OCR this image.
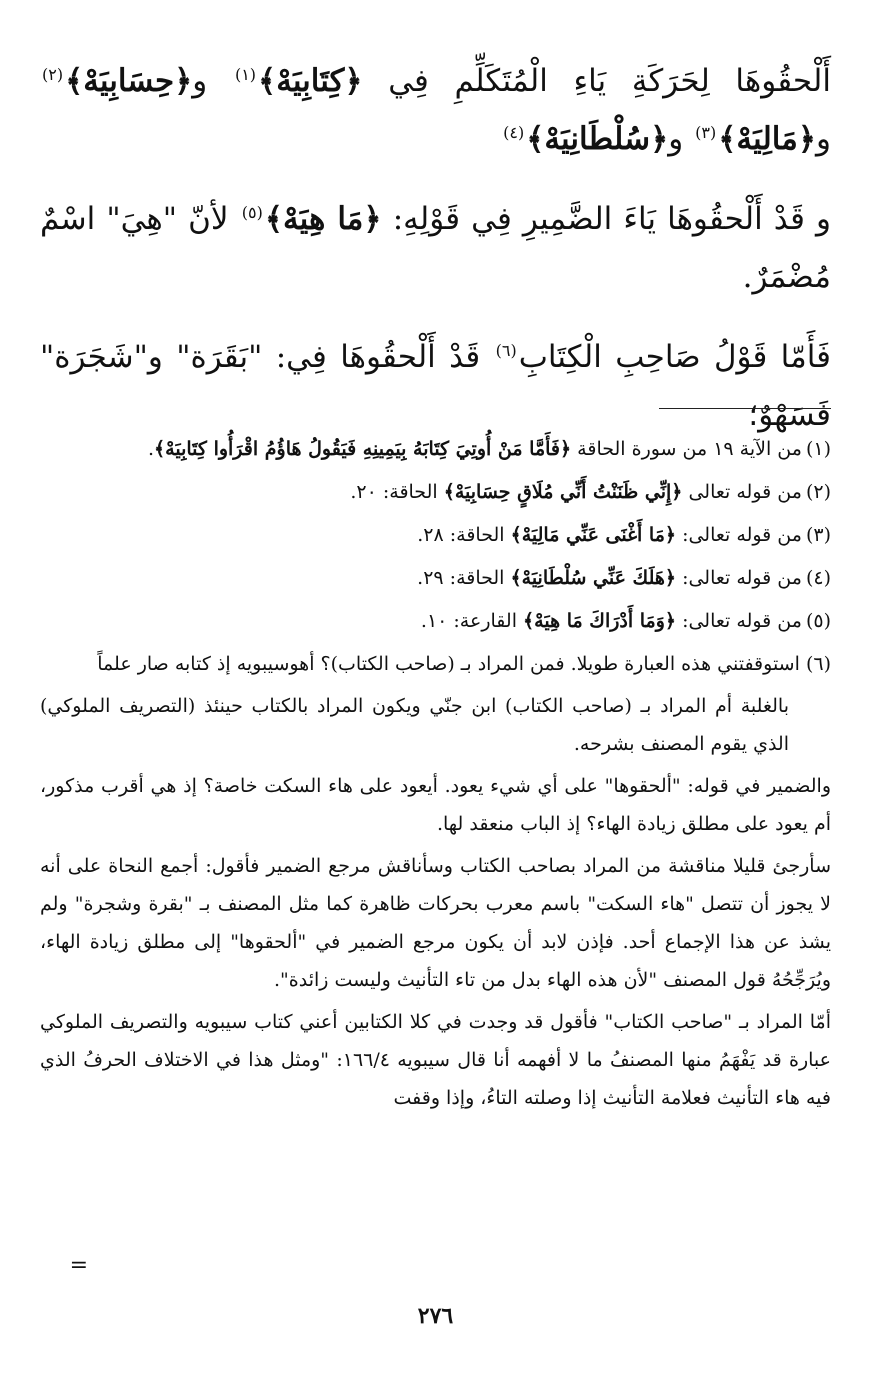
أَلْحقُوهَا لِحَرَكَةِ يَاءِ الْمُتَكَلِّمِ فِي ﴿كِتَابِيَهْ﴾$^{(١)}$ و﴿حِسَابِيَهْ﴾$^{(٢)}$ و﴿مَالِيَهْ﴾$^{(٣)}$ و﴿سُلْطَانِيَهْ﴾$^{(٤)}$

و قَدْ أَلْحقُوهَا يَاءَ الضَّمِيرِ فِي قَوْلِهِ: ﴿مَا هِيَهْ﴾$^{(٥)}$ لأنّ "هِيَ" اسْمٌ مُضْمَرٌ.

فَأَمّا قَوْلُ صَاحِبِ الْكِتَابِ$^{(٦)}$ قَدْ أَلْحقُوهَا فِي: "بَقَرَة" و"شَجَرَة" فَسَهْوٌ؛

(١)من الآية ١٩ من سورة الحاقة ﴿فَأَمَّا مَنْ أُوتِيَ كِتَابَهُ بِيَمِينِهِ فَيَقُولُ هَاؤُمُ اقْرَأُوا كِتَابِيَهْ﴾.

(٢)من قوله تعالى ﴿إِنِّي ظَنَنْتُ أَنِّي مُلَاقٍ حِسَابِيَهْ﴾ الحاقة: ٢٠.

(٣)من قوله تعالى: ﴿مَا أَغْنَى عَنِّي مَالِيَهْ﴾ الحاقة: ٢٨.

(٤)من قوله تعالى: ﴿هَلَكَ عَنِّي سُلْطَانِيَهْ﴾ الحاقة: ٢٩.

(٥)من قوله تعالى: ﴿وَمَا أَدْرَاكَ مَا هِيَهْ﴾ القارعة: ١٠.

(٦) استوقفتني هذه العبارة طويلا. فمن المراد بـ (صاحب الكتاب)؟ أهوسيبويه إذ كتابه صار علماً

بالغلبة أم المراد بـ (صاحب الكتاب) ابن جنّي ويكون المراد بالكتاب حينئذ (التصريف الملوكي) الذي يقوم المصنف بشرحه.

والضمير في قوله: "ألحقوها" على أي شيء يعود. أيعود على هاء السكت خاصة؟ إذ هي أقرب مذكور، أم يعود على مطلق زيادة الهاء؟ إذ الباب منعقد لها.

سأرجئ قليلا مناقشة من المراد بصاحب الكتاب وسأناقش مرجع الضمير فأقول: أجمع النحاة على أنه لا يجوز أن تتصل "هاء السكت" باسم معرب بحركات ظاهرة كما مثل المصنف بـ "بقرة وشجرة" ولم يشذ عن هذا الإجماع أحد. فإذن لابد أن يكون مرجع الضمير في "ألحقوها" إلى مطلق زيادة الهاء، ويُرَجِّحُهُ قول المصنف "لأن هذه الهاء بدل من تاء التأنيث وليست زائدة".

أمّا المراد بـ "صاحب الكتاب" فأقول قد وجدت في كلا الكتابين أعني كتاب سيبويه والتصريف الملوكي عبارة قد يَفْهَمُ منها المصنفُ ما لا أفهمه أنا قال سيبويه ١٦٦/٤: "ومثل هذا في الاختلاف الحرفُ الذي فيه هاء التأنيث فعلامة التأنيث إذا وصلته التاءُ، وإذا وقفت

٢٧٦
=
